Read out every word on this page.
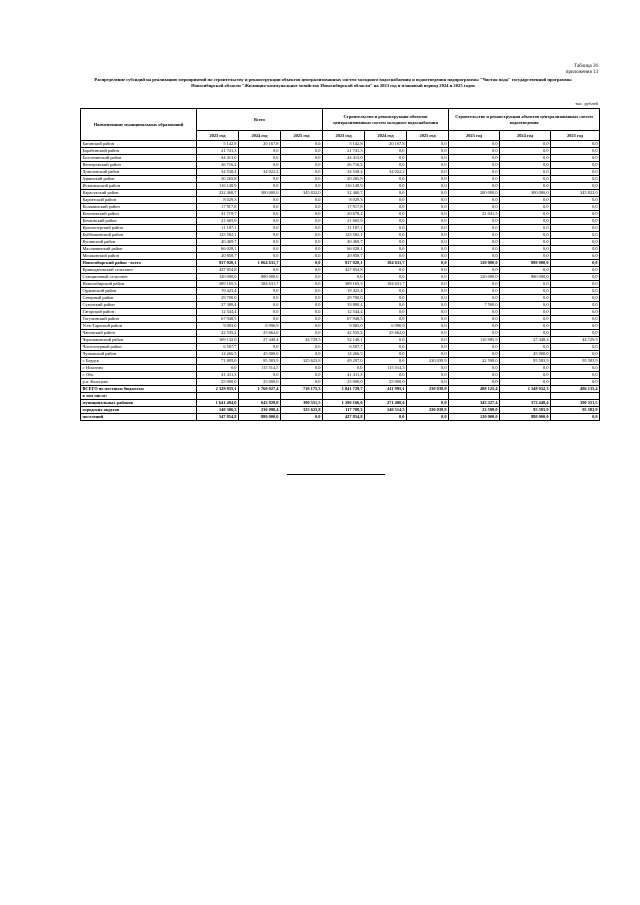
Таблица 26
приложения 13
Распределение субсидий на реализацию мероприятий по строительству и реконструкции объектов централизованных систем холодного водоснабжения и водоотведения подпрограммы "Чистая вода" государственной программы Новосибирской области "Жилищно-коммунальное хозяйство Новосибирской области" на 2023 год и плановый период 2024 и 2025 годов
тыс. рублей
Наименование муниципальных образований	Всего			Строительство и реконструкция объектов централизованных систем холодного водоснабжения			Строительство и реконструкция объектов централизованных систем водоотведения		
	2023 год	2024 год	2025 год	2023 год	2024 год	2025 год	2023 год	2024 год	2025 год
Баганский район	5 142,8	20 167,8	0,0	5 142,8	20 167,8	0,0	0,0	0,0	0,0
Барабинский район	21 741,3	0,0	0,0	21 741,3	0,0	0,0	0,0	0,0	0,0
Болотнинский район	44 413,0	0,0	0,0	44 413,0	0,0	0,0	0,0	0,0	0,0
Венгеровский район	26 716,2	0,0	0,0	26 716,2	0,0	0,0	0,0	0,0	0,0
Доволенский район	34 538,4	34 022,2	0,0	34 538,4	34 022,2	0,0	0,0	0,0	0,0
Здвинский район	20 265,8	0,0	0,0	20 265,8	0,0	0,0	0,0	0,0	0,0
Искитимский район	116 148,9	0,0	0,0	116 148,9	0,0	0,0	0,0	0,0	0,0
Карасукский район	232 460,7	300 000,0	345 822,0	32 460,7	0,0	0,0	200 000,0	300 000,0	345 822,0
Каргатский район	8 029,3	0,0	0,0	8 029,3	0,0	0,0	0,0	0,0	0,0
Колыванский район	17 917,8	0,0	0,0	17 917,8	0,0	0,0	0,0	0,0	0,0
Коченевский район	41 719,7	0,0	0,0	20 678,2	0,0	0,0	21 041,5	0,0	0,0
Кочковский район	21 665,9	0,0	0,0	21 665,9	0,0	0,0	0,0	0,0	0,0
Краснозерский район	11 187,1	0,0	0,0	11 187,1	0,0	0,0	0,0	0,0	0,0
Куйбышевский район	125 582,1	0,0	0,0	125 582,1	0,0	0,0	0,0	0,0	0,0
Купинский район	40 469,7	0,0	0,0	40 469,7	0,0	0,0	0,0	0,0	0,0
Маслянинский район	66 028,1	0,0	0,0	66 028,1	0,0	0,0	0,0	0,0	0,0
Мошковский район	20 858,7	0,0	0,0	20 858,7	0,0	0,0	0,0	0,0	0,0
Новосибирский район - всего	937 020,1	1 064 631,7	0,0	817 020,1	184 631,7	0,0	120 000,0	880 000,0	0,0
Криводановский сельсовет	427 854,8	0,0	0,0	427 854,8	0,0	0,0	0,0	0,0	0,0
Станционный сельсовет	120 000,0	880 000,0	0,0	0,0	0,0	0,0	120 000,0	880 000,0	0,0
Новосибирский район	389 165,3	184 631,7	0,0	389 165,3	184 631,7	0,0	0,0	0,0	0,0
Ордынский район	19 423,4	0,0	0,0	19 423,4	0,0	0,0	0,0	0,0	0,0
Северный район	29 700,0	0,0	0,0	29 700,0	0,0	0,0	0,0	0,0	0,0
Сузунский район	27 380,4	0,0	0,0	19 880,4	0,0	0,0	7 500,0	0,0	0,0
Татарский район	12 544,4	0,0	0,0	12 544,4	0,0	0,0	0,0	0,0	0,0
Тогучинский район	67 948,5	0,0	0,0	67 948,5	0,0	0,0	0,0	0,0	0,0
Усть-Таркский район	9 083,0	6 996,9	0,0	9 083,0	6 996,9	0,0	0,0	0,0	0,0
Чановский район	42 535,2	25 662,0	0,0	42 535,2	25 662,0	0,0	0,0	0,0	0,0
Черепановский район	169 132,0	27 448,4	44 729,5	52 146,1	0,0	0,0	116 985,9	27 448,4	44 729,5
Чистоозерный район	6 507,7	0,0	0,0	6 507,7	0,0	0,0	0,0	0,0	0,0
Чулымский район	14 266,5	45 000,0	0,0	14 266,5	0,0	0,0	0,0	45 000,0	0,0
г. Бердск	71 895,0	95 583,9	325 623,8	49 297,0	0,0	230 039,9	22 598,0	95 583,9	95 583,9
г. Искитим	0,0	115 514,5	0,0	0,0	115 514,5	0,0	0,0	0,0	0,0
г. Обь	41 411,3	0,0	0,0	41 411,3	0,0	0,0	0,0	0,0	0,0
р.п. Кольцово	25 000,0	25 000,0	0,0	25 000,0	25 000,0	0,0	0,0	0,0	0,0
ВСЕГО по местным бюджетам	2 329 855,1	1 760 027,4	716 175,3	1 841 729,7	411 995,1	230 039,9	488 125,4	1 348 032,3	486 135,4
в том числе:									
муниципальных районов	1 641 494,0	643 929,0	390 551,5	1 296 166,6	271 480,6	0,0	345 327,4	372 448,4	390 551,5
городских округов	140 306,3	236 098,4	325 623,8	117 708,3	140 514,5	230 039,9	22 598,0	95 583,9	95 583,9
поселений	547 854,8	880 000,0	0,0	427 854,8	0,0	0,0	120 000,0	880 000,0	0,0
